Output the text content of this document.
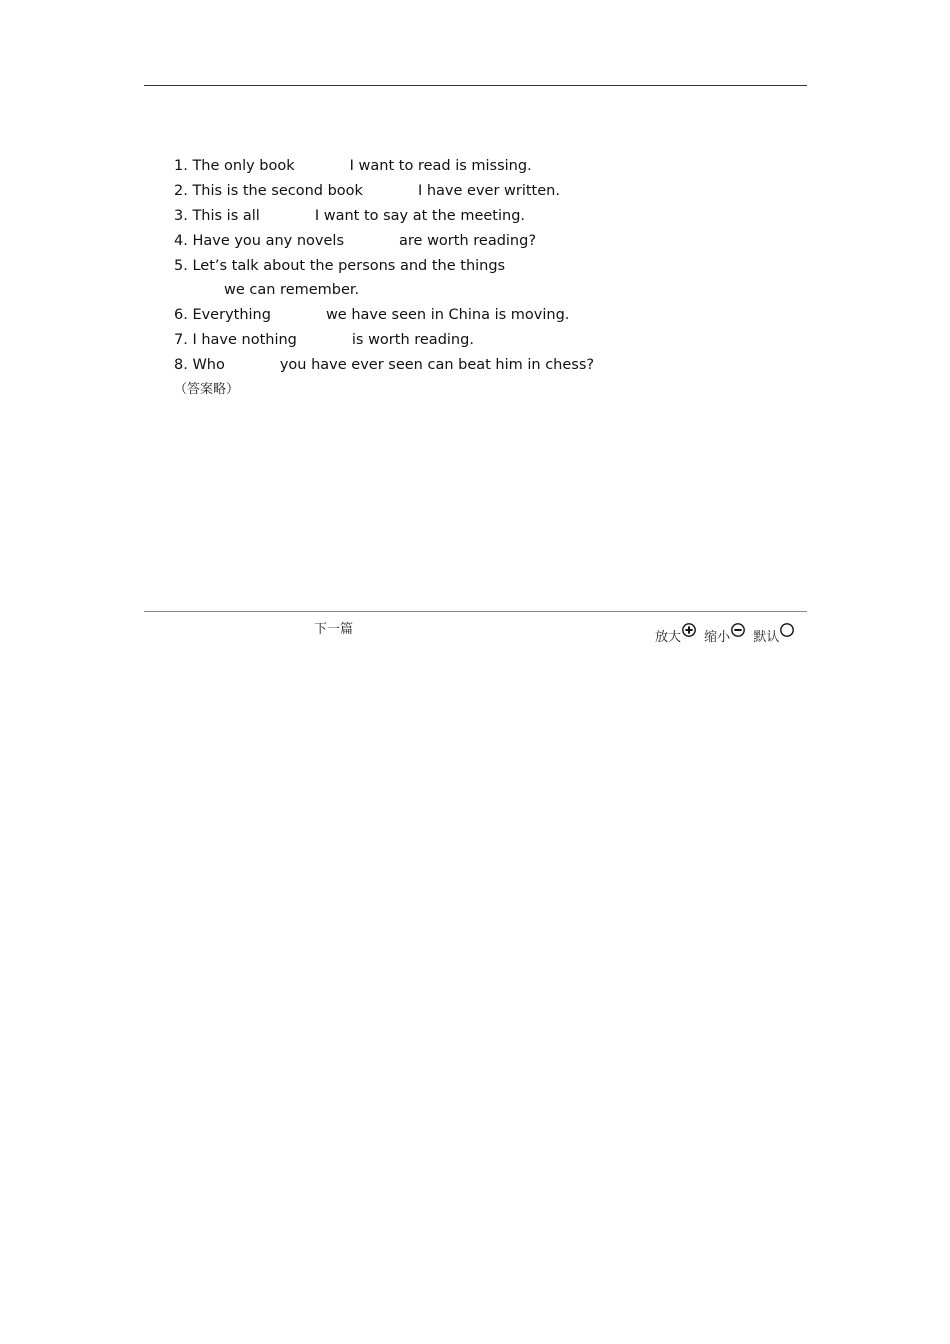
1. The only book	I want to read is missing.
2. This is the second book	I have ever written.
3. This is all	I want to say at the meeting.
4. Have you any novels	are worth reading?
5. Let’s talk about the persons and the things
we can remember.
6. Everything	we have seen in China is moving.
7. I have nothing	is worth reading.
8. Who	you have ever seen can beat him in chess?
（答案略）
下一篇
放大
缩小
默认
